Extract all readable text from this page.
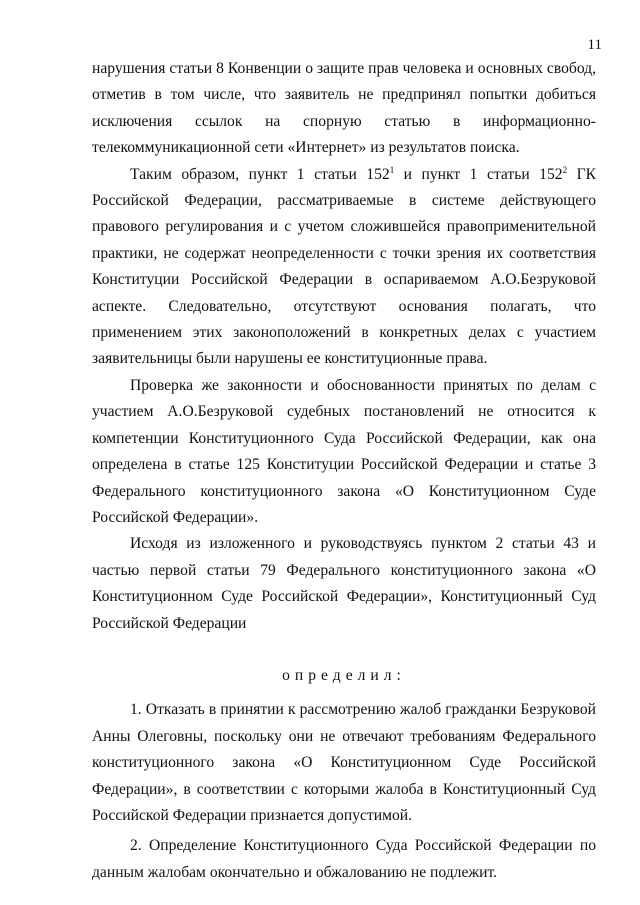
11

нарушения статьи 8 Конвенции о защите прав человека и основных свобод, отметив в том числе, что заявитель не предпринял попытки добиться исключения ссылок на спорную статью в информационно-телекоммуникационной сети «Интернет» из результатов поиска.

Таким образом, пункт 1 статьи $152^1$ и пункт 1 статьи $152^2$ ГК Российской Федерации, рассматриваемые в системе действующего правового регулирования и с учетом сложившейся правоприменительной практики, не содержат неопределенности с точки зрения их соответствия Конституции Российской Федерации в оспариваемом А.О.Безруковой аспекте. Следовательно, отсутствуют основания полагать, что применением этих законоположений в конкретных делах с участием заявительницы были нарушены ее конституционные права.

Проверка же законности и обоснованности принятых по делам с участием А.О.Безруковой судебных постановлений не относится к компетенции Конституционного Суда Российской Федерации, как она определена в статье 125 Конституции Российской Федерации и статье 3 Федерального конституционного закона «О Конституционном Суде Российской Федерации».

Исходя из изложенного и руководствуясь пунктом 2 статьи 43 и частью первой статьи 79 Федерального конституционного закона «О Конституционном Суде Российской Федерации», Конституционный Суд Российской Федерации

определил:

1. Отказать в принятии к рассмотрению жалоб гражданки Безруковой Анны Олеговны, поскольку они не отвечают требованиям Федерального конституционного закона «О Конституционном Суде Российской Федерации», в соответствии с которыми жалоба в Конституционный Суд Российской Федерации признается допустимой.

2. Определение Конституционного Суда Российской Федерации по данным жалобам окончательно и обжалованию не подлежит.
